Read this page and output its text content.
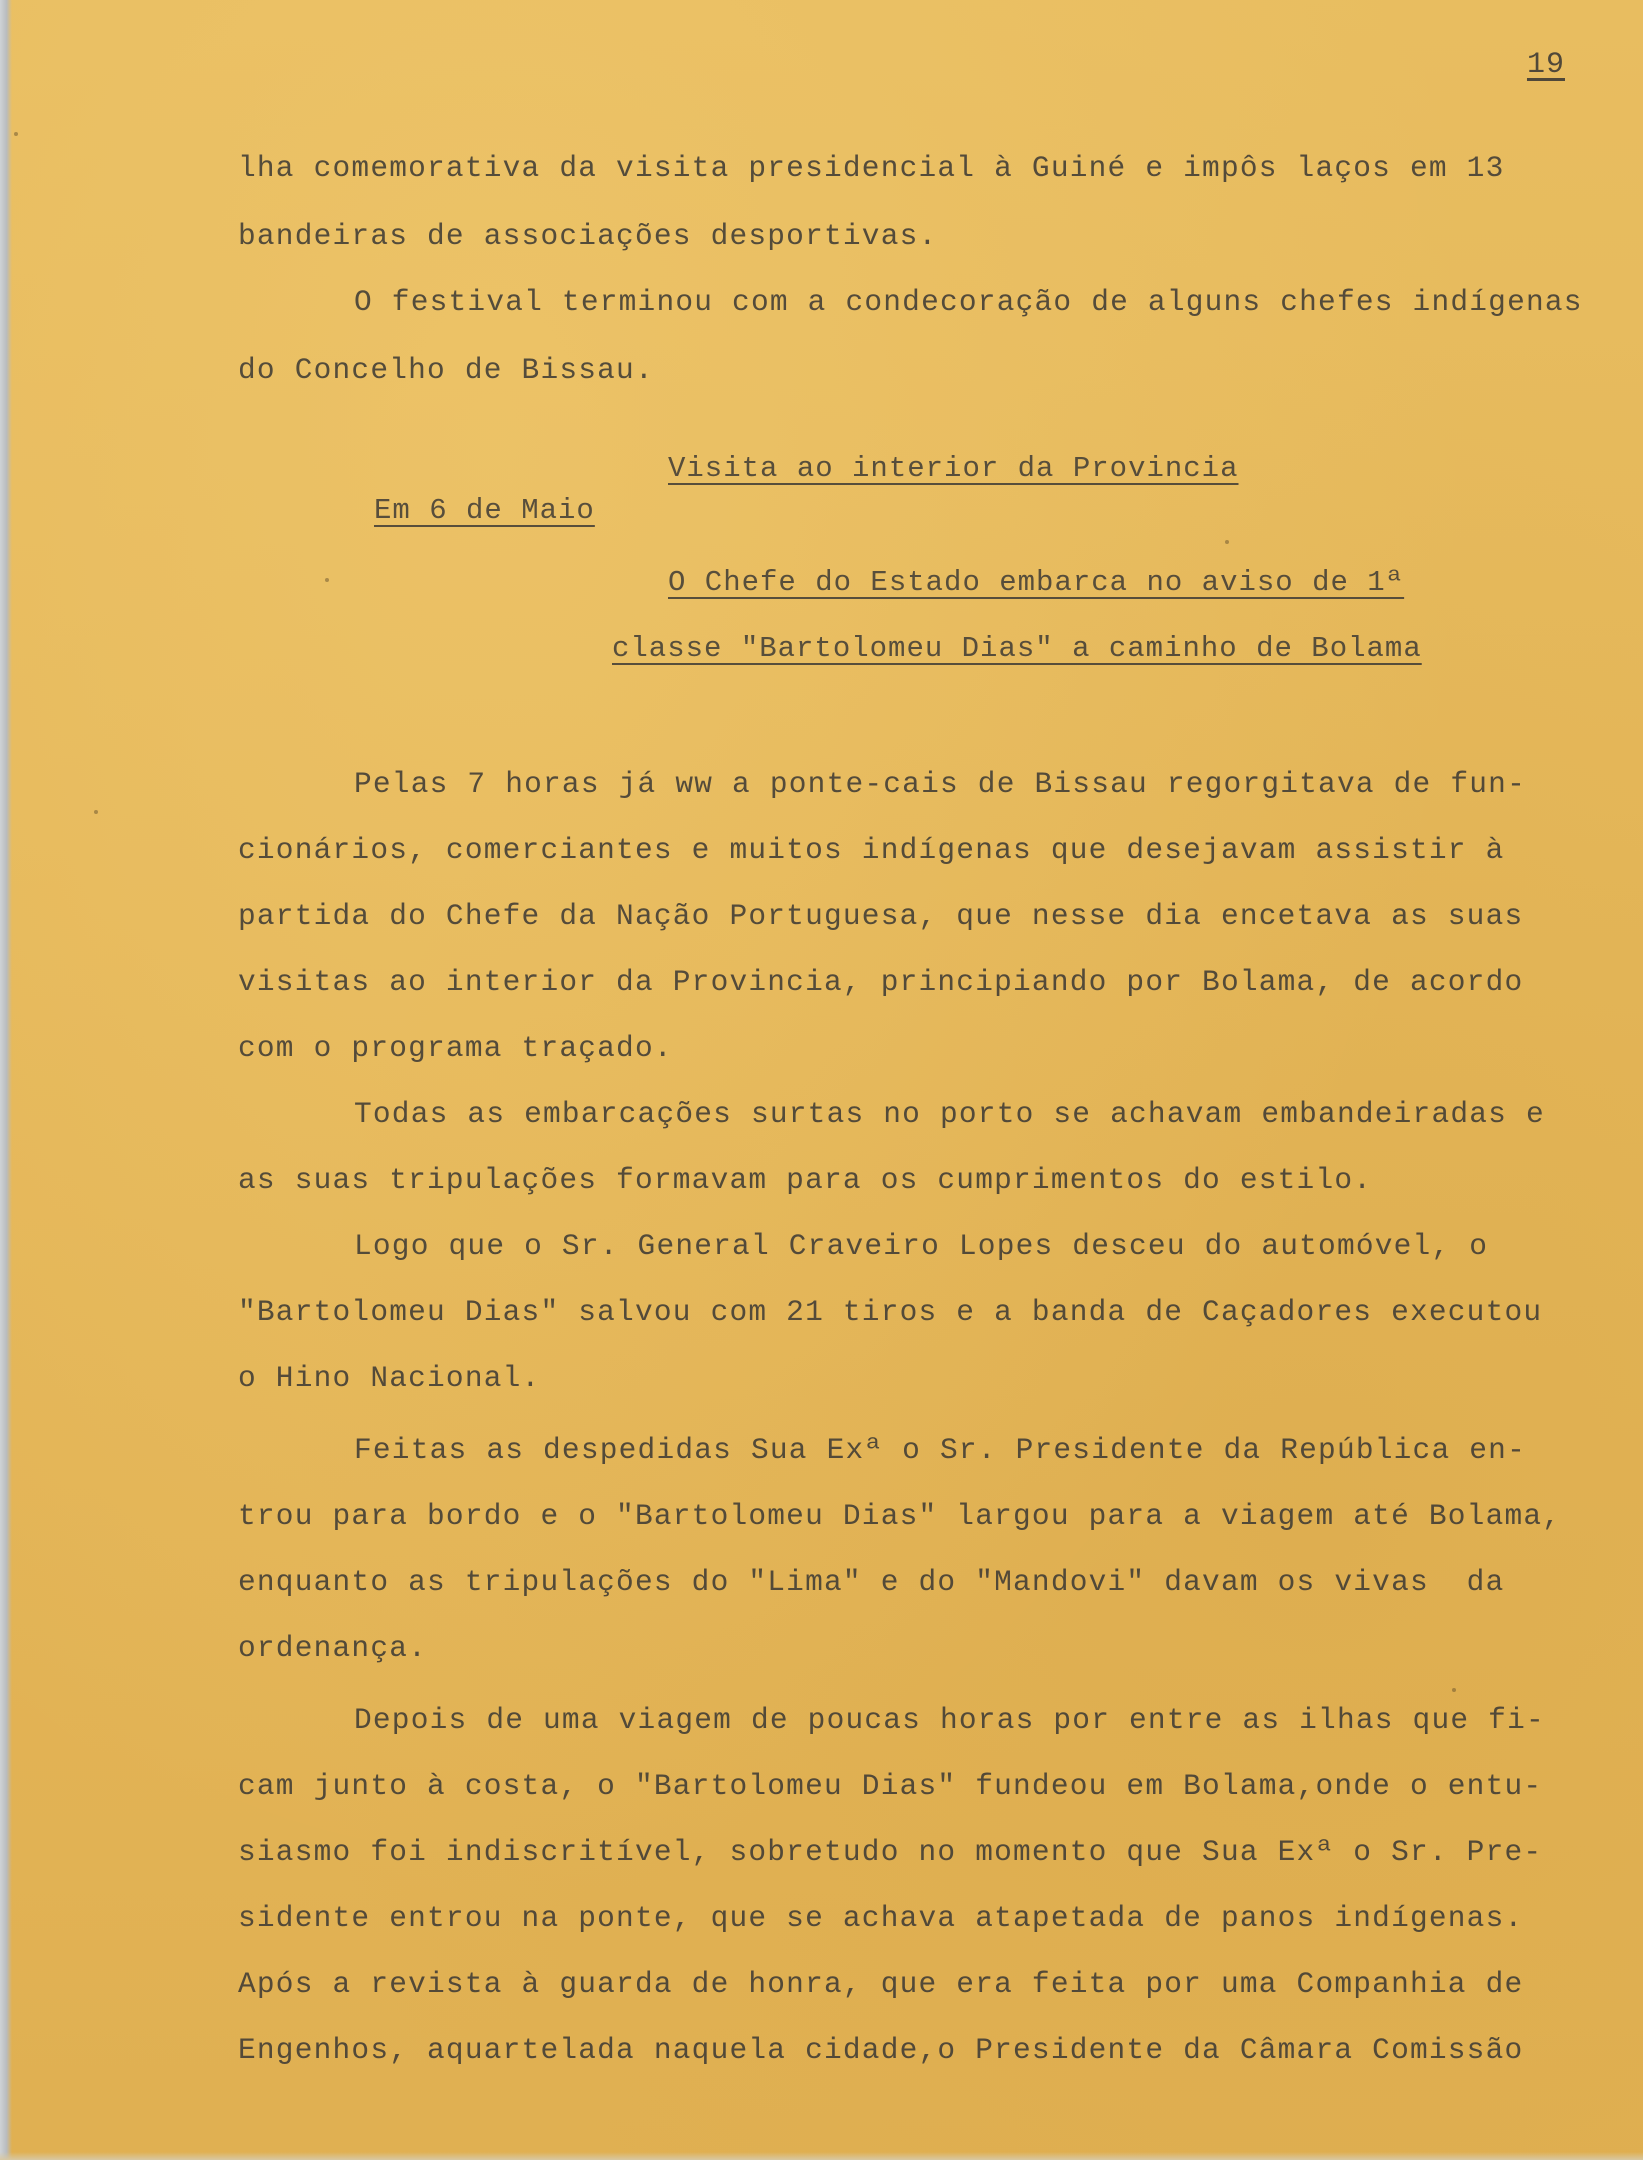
19
lha comemorativa da visita presidencial à Guiné e impôs laços em 13
bandeiras de associações desportivas.
O festival terminou com a condecoração de alguns chefes indígenas
do Concelho de Bissau.
Visita ao interior da Provincia
Em 6 de Maio
O Chefe do Estado embarca no aviso de 1ª
classe "Bartolomeu Dias" a caminho de Bolama
Pelas 7 horas já ww a ponte-cais de Bissau regorgitava de fun-
cionários, comerciantes e muitos indígenas que desejavam assistir à
partida do Chefe da Nação Portuguesa, que nesse dia encetava as suas
visitas ao interior da Provincia, principiando por Bolama, de acordo
com o programa traçado.
Todas as embarcações surtas no porto se achavam embandeiradas e
as suas tripulações formavam para os cumprimentos do estilo.
Logo que o Sr. General Craveiro Lopes desceu do automóvel, o
"Bartolomeu Dias" salvou com 21 tiros e a banda de Caçadores executou
o Hino Nacional.
Feitas as despedidas Sua Exª o Sr. Presidente da República en-
trou para bordo e o "Bartolomeu Dias" largou para a viagem até Bolama,
enquanto as tripulações do "Lima" e do "Mandovi" davam os vivas  da
ordenança.
Depois de uma viagem de poucas horas por entre as ilhas que fi-
cam junto à costa, o "Bartolomeu Dias" fundeou em Bolama,onde o entu-
siasmo foi indiscritível, sobretudo no momento que Sua Exª o Sr. Pre-
sidente entrou na ponte, que se achava atapetada de panos indígenas.
Após a revista à guarda de honra, que era feita por uma Companhia de
Engenhos, aquartelada naquela cidade,o Presidente da Câmara Comissão
